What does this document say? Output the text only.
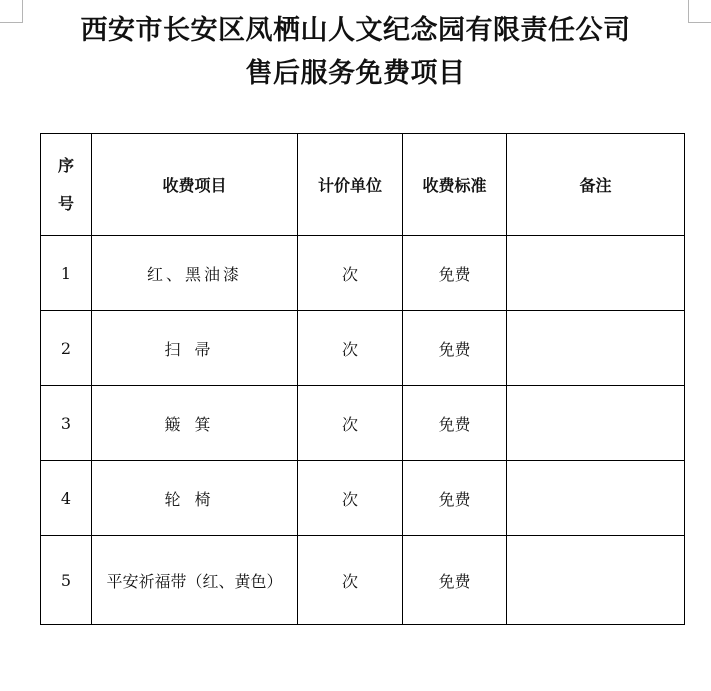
西安市长安区凤栖山人文纪念园有限责任公司
售后服务免费项目
序号	收费项目	计价单位	收费标准	备注
1	红、黑油漆	次	免费	
2	扫帚	次	免费	
3	簸箕	次	免费	
4	轮椅	次	免费	
5	平安祈福带（红、黄色）	次	免费	
